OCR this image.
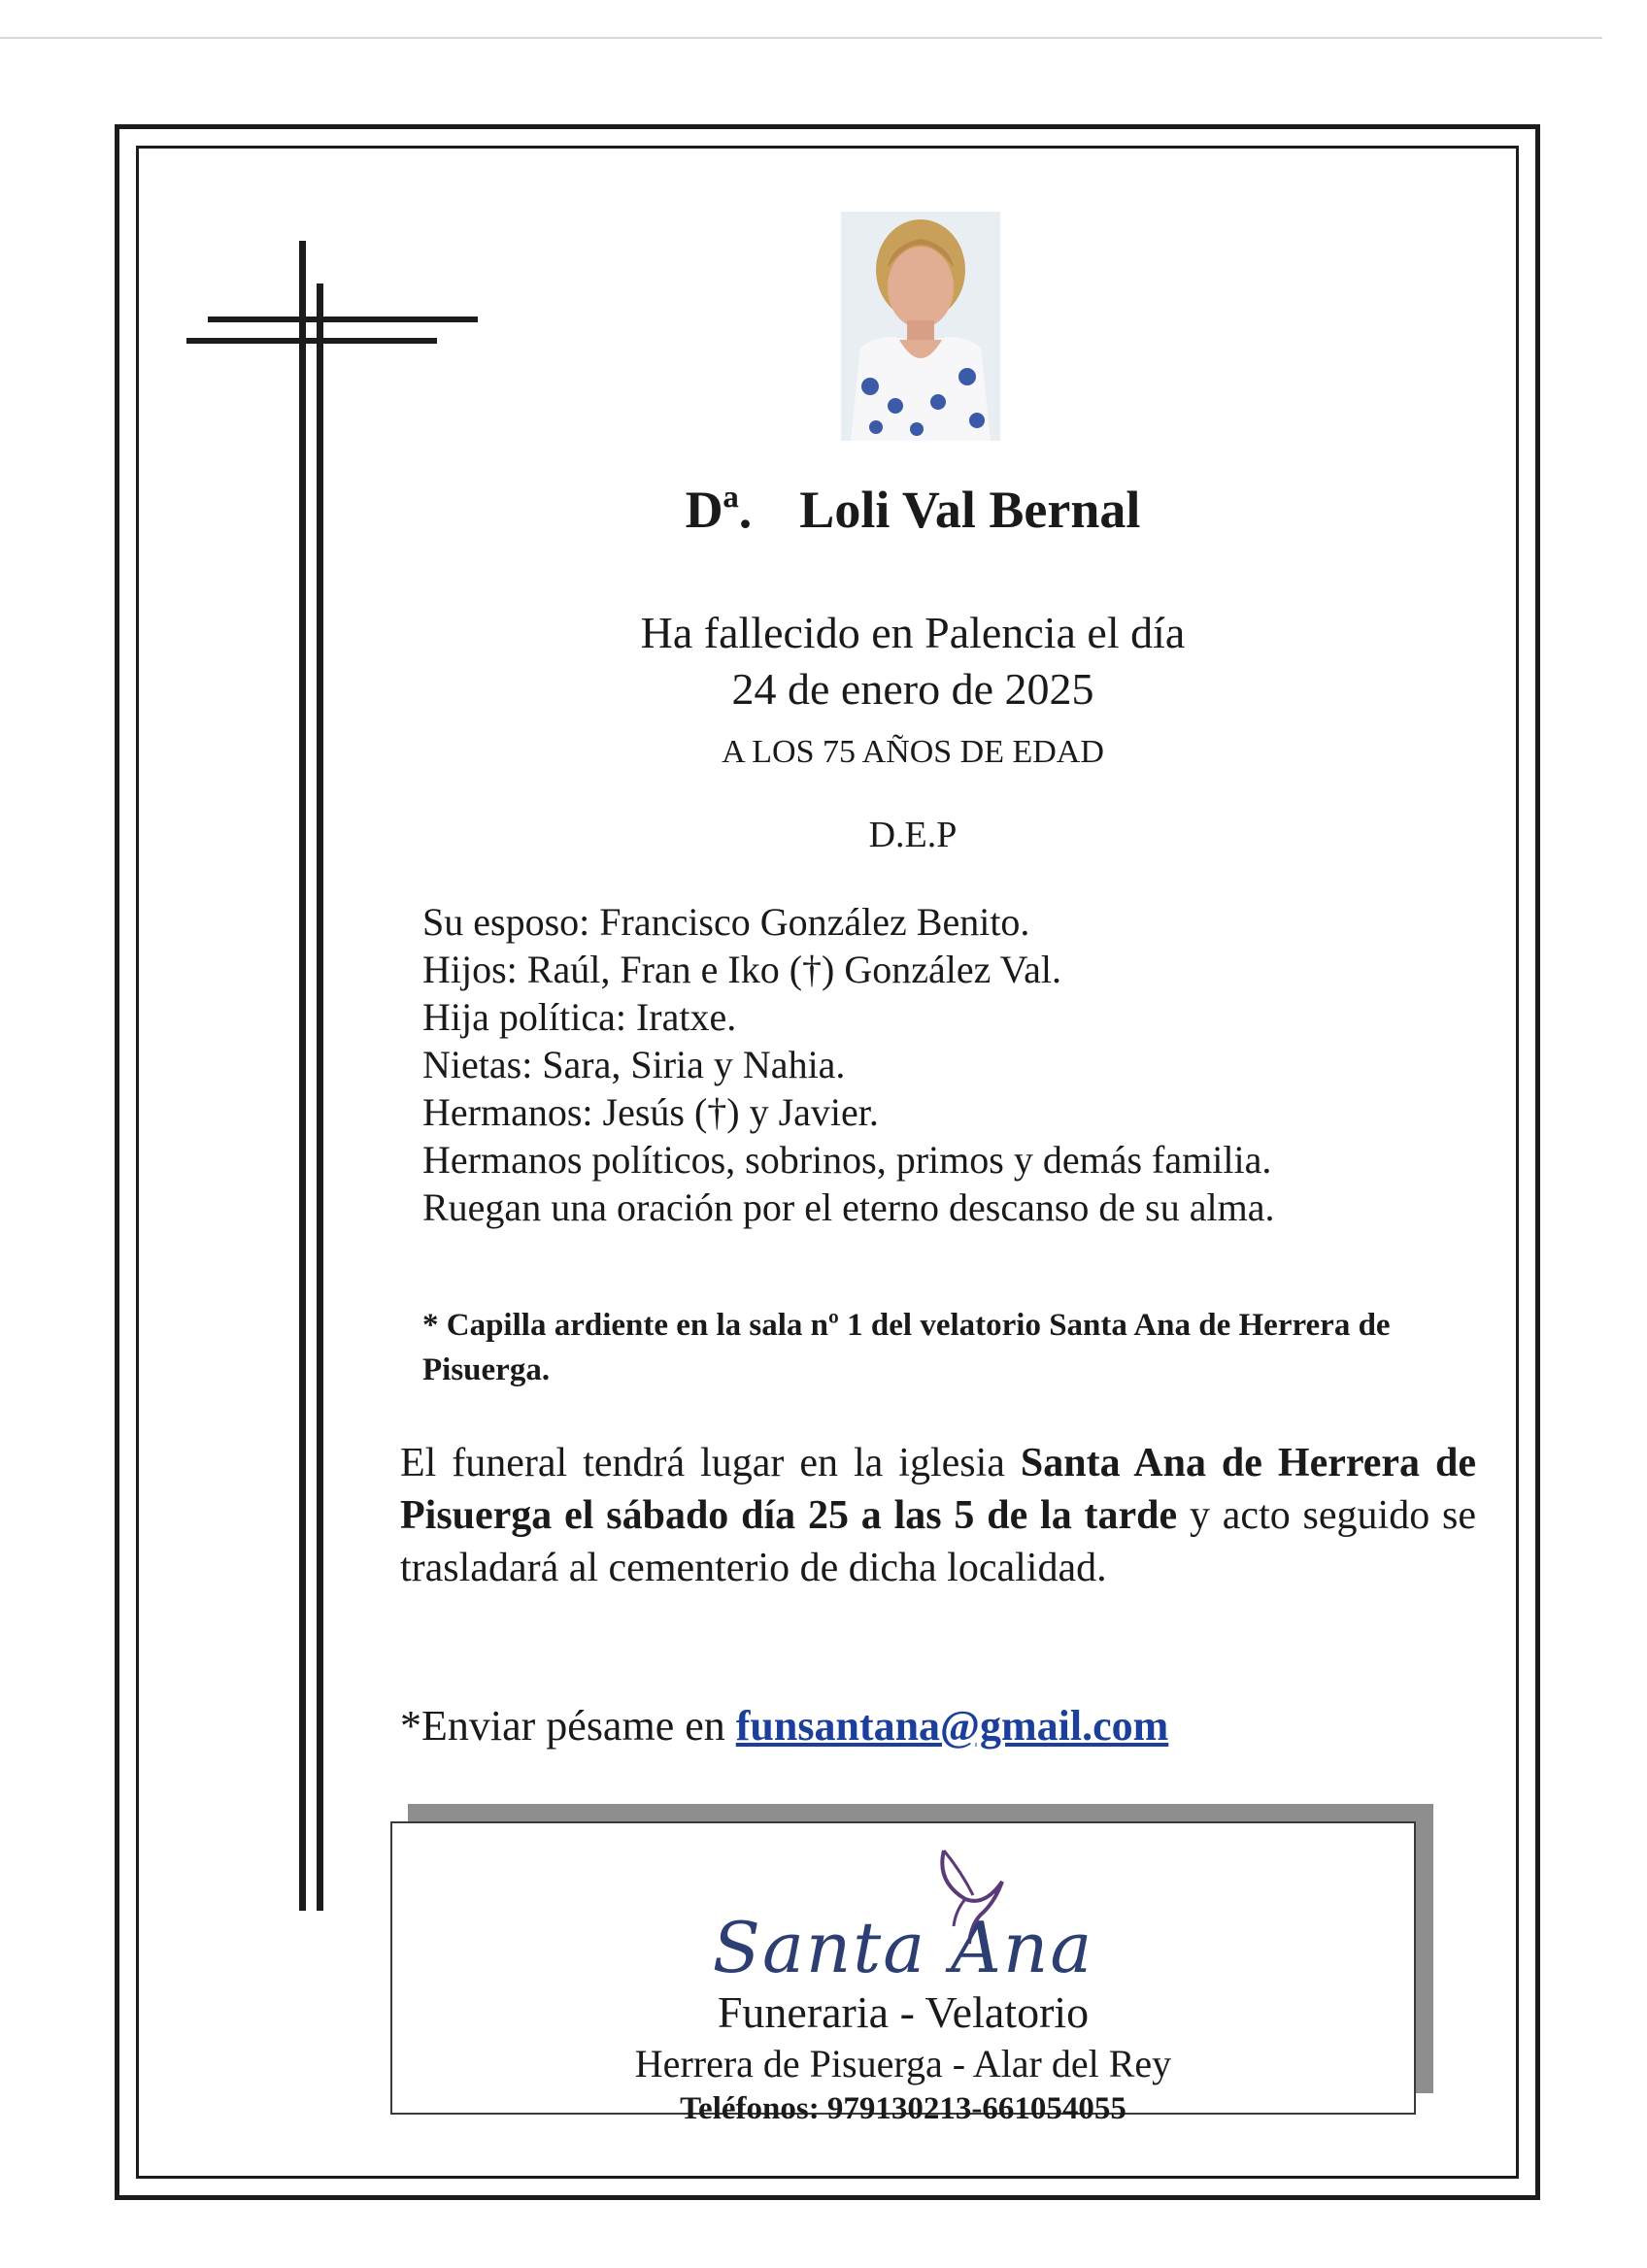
Dª. Loli Val Bernal
Ha fallecido en Palencia el día
24 de enero de 2025
A LOS 75 AÑOS DE EDAD
D.E.P
Su esposo: Francisco González Benito.
Hijos: Raúl, Fran e Iko (†) González Val.
Hija política: Iratxe.
Nietas: Sara, Siria y Nahia.
Hermanos: Jesús (†) y Javier.
Hermanos políticos, sobrinos, primos y demás familia.
Ruegan una oración por el eterno descanso de su alma.
* Capilla ardiente en la sala nº 1 del velatorio Santa Ana de Herrera de Pisuerga.
El funeral tendrá lugar en la iglesia Santa Ana de Herrera de Pisuerga el sábado día 25 a las 5 de la tarde y acto seguido se trasladará al cementerio de dicha localidad.
*Enviar pésame en funsantana@gmail.com
Santa Ana
Funeraria - Velatorio
Herrera de Pisuerga - Alar del Rey
Teléfonos: 979130213-661054055
